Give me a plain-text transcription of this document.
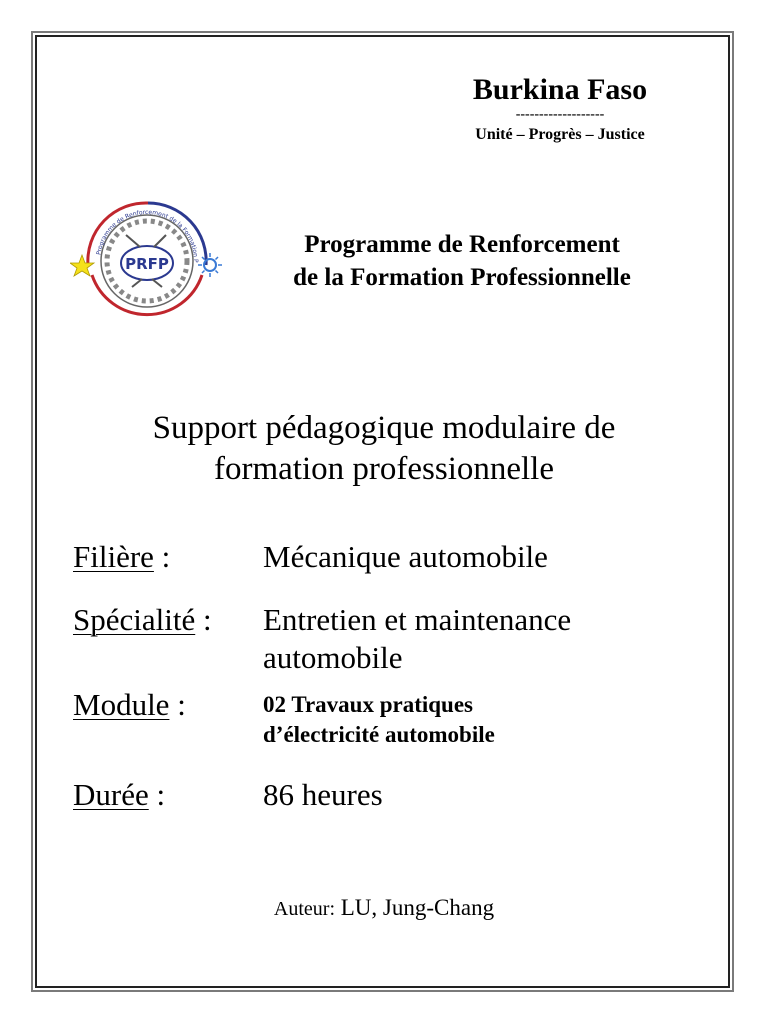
Burkina Faso
-------------------
Unité – Progrès – Justice
Programme de Renforcement de la Formation P
PRFP
Programme de Renforcement
de la Formation Professionnelle
Support pédagogique modulaire de
formation professionnelle
Filière :	Mécanique automobile
Spécialité : Entretien et maintenance
automobile
Module :	02 Travaux pratiques
d’électricité automobile
Durée :	86 heures
Auteur: LU, Jung-Chang
